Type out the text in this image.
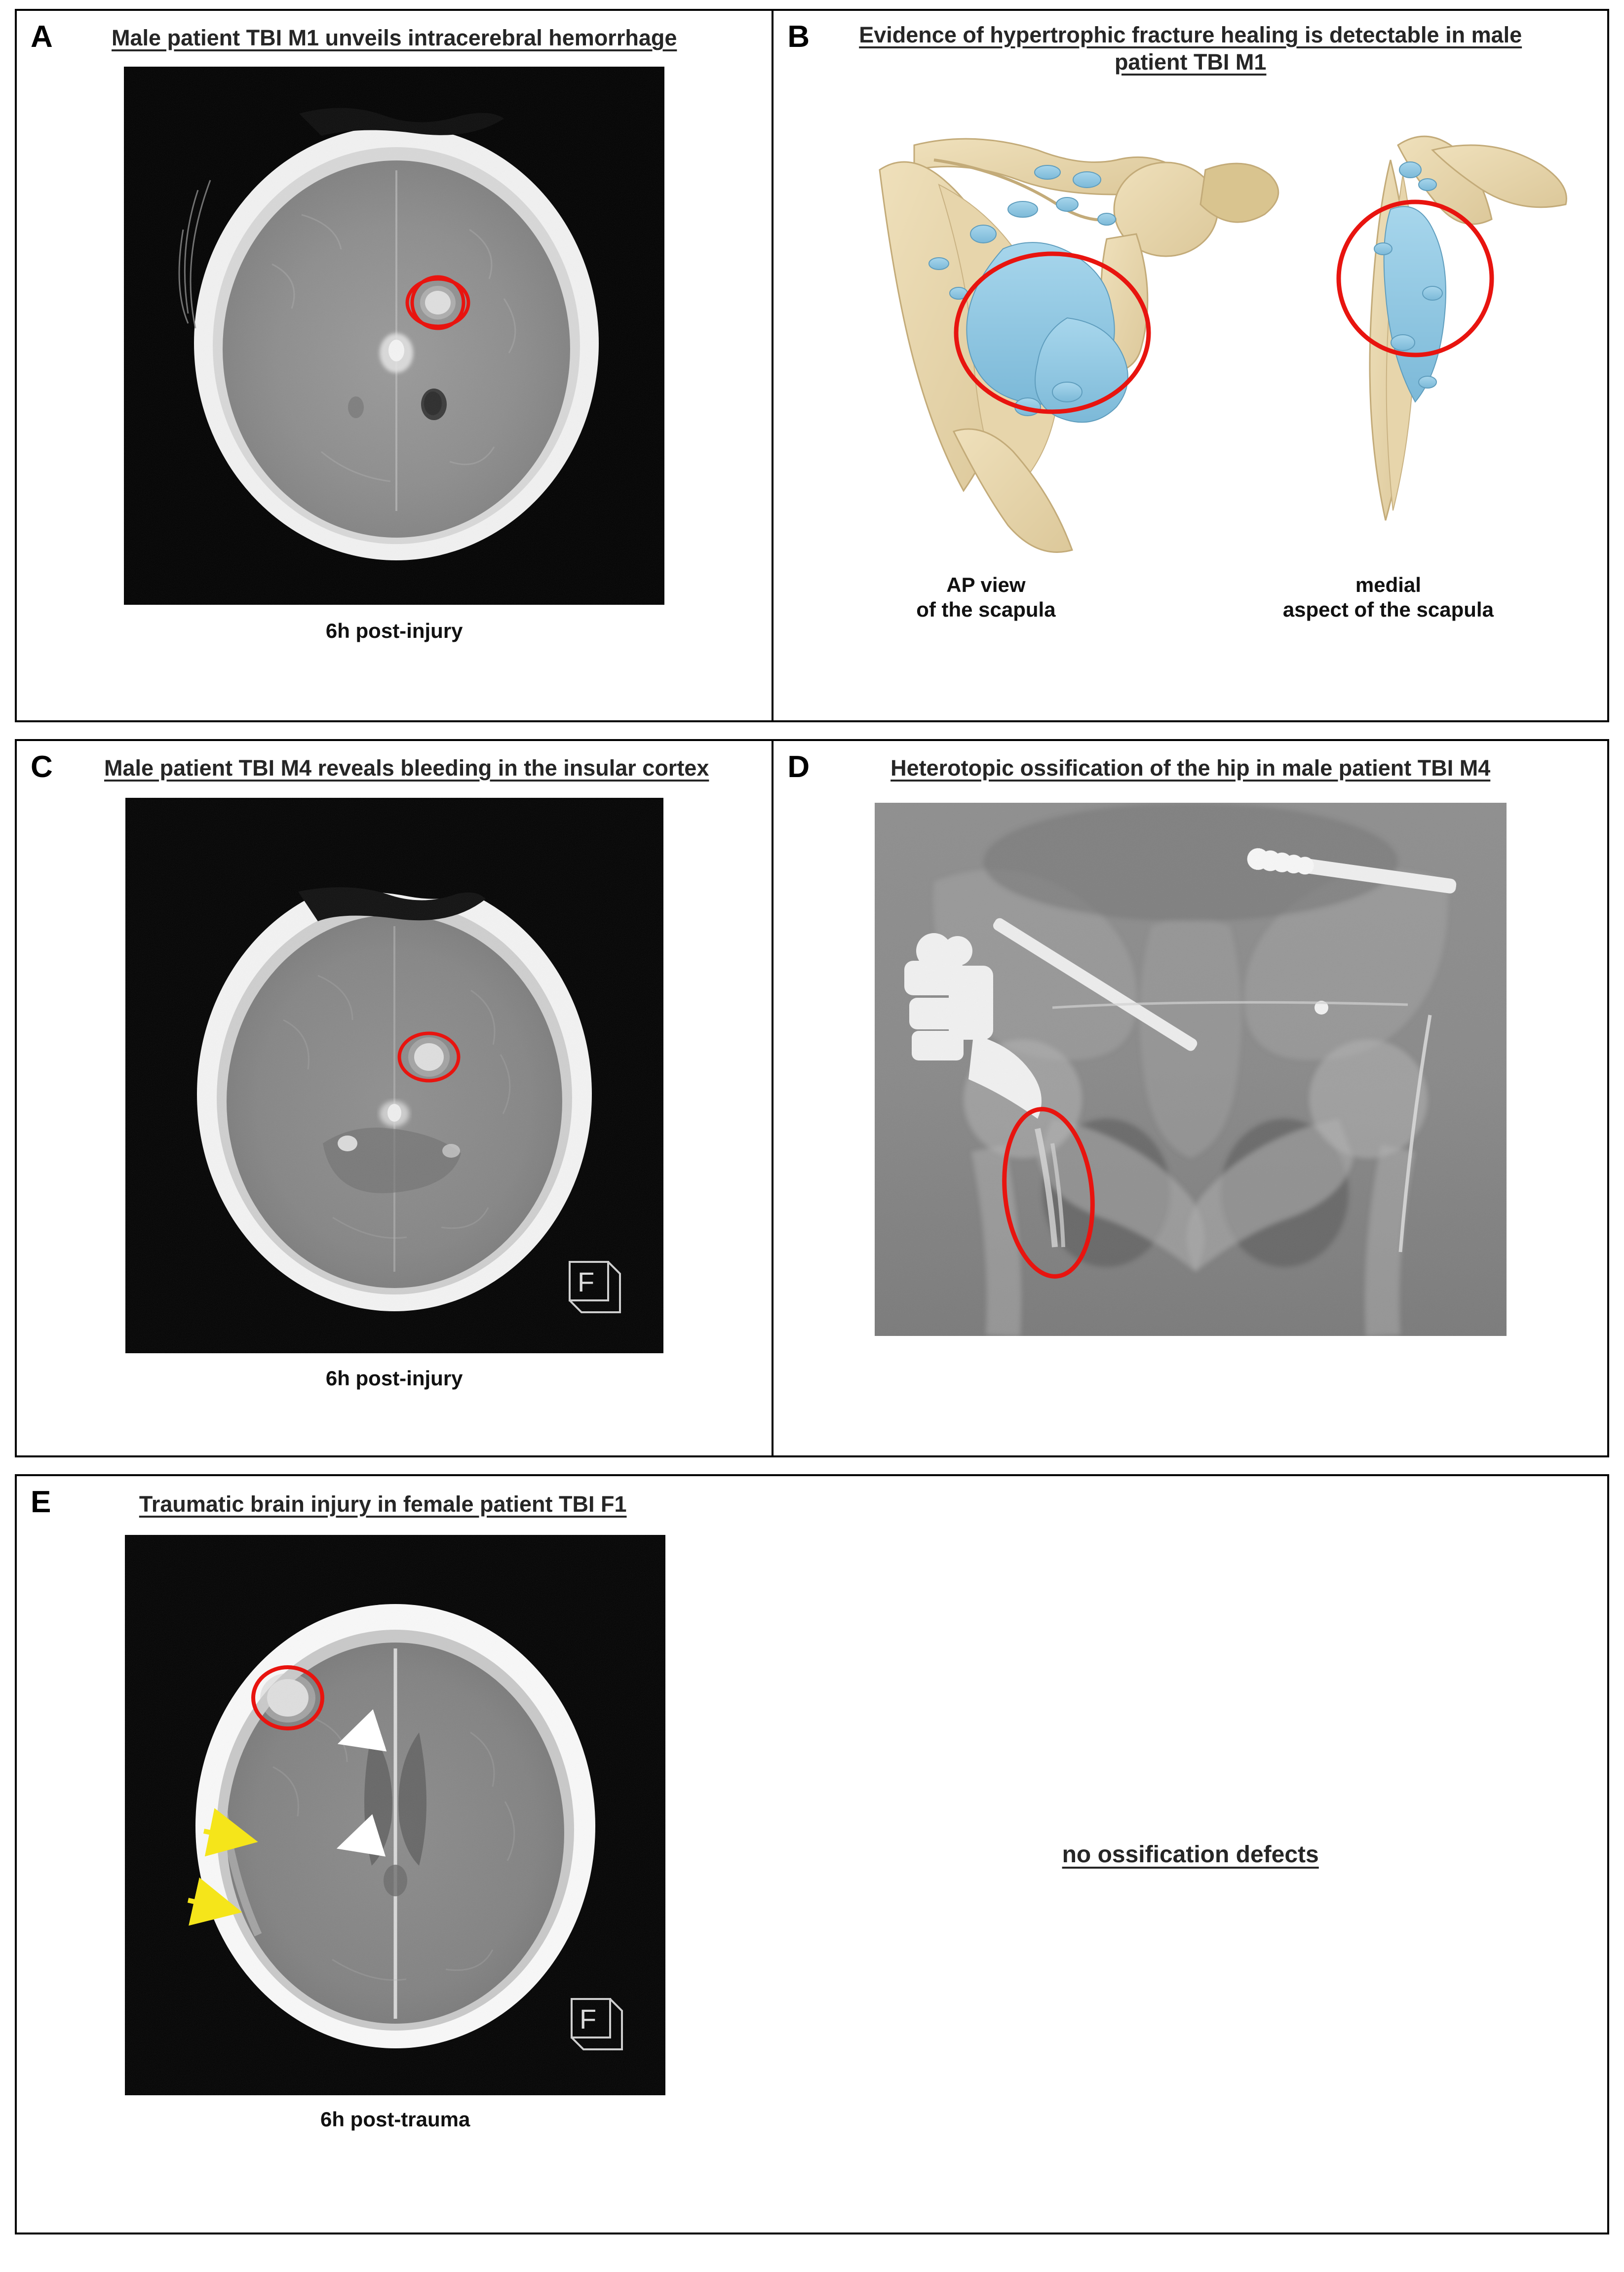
A	Male patient TBI M1 unveils intracerebral hemorrhage
6h post-injury
B	Evidence of hypertrophic fracture healing is detectable in male patient TBI M1
AP view
of the scapula
medial
aspect of the scapula
C	Male patient TBI M4 reveals bleeding in the insular cortex
F
6h post-injury
D	Heterotopic ossification of the hip in male patient TBI M4
E	Traumatic brain injury in female patient TBI F1
F
6h post-trauma
no ossification defects
